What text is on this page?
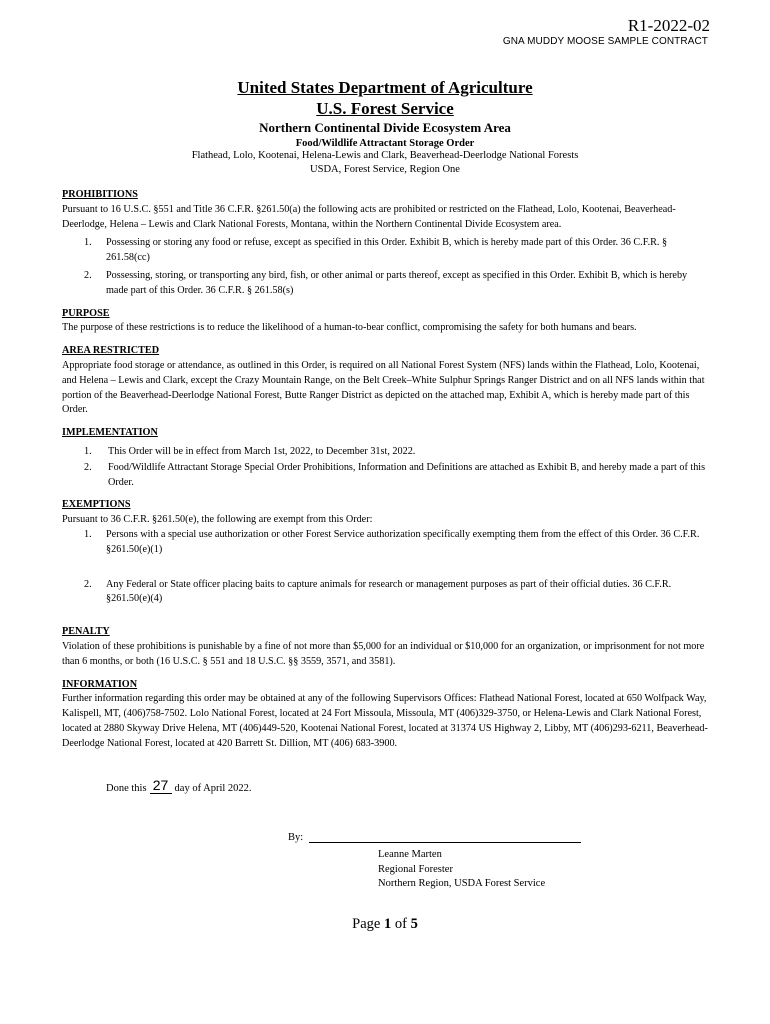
R1-2022-02
GNA MUDDY MOOSE SAMPLE CONTRACT
United States Department of Agriculture
U.S. Forest Service
Northern Continental Divide Ecosystem Area
Food/Wildlife Attractant Storage Order
Flathead, Lolo, Kootenai, Helena-Lewis and Clark, Beaverhead-Deerlodge National Forests
USDA, Forest Service, Region One

PROHIBITIONS

Pursuant to 16 U.S.C. §551 and Title 36 C.F.R. §261.50(a) the following acts are prohibited or restricted on the Flathead, Lolo, Kootenai, Beaverhead-Deerlodge, Helena – Lewis and Clark National Forests, Montana, within the Northern Continental Divide Ecosystem area.

1. Possessing or storing any food or refuse, except as specified in this Order. Exhibit B, which is hereby made part of this Order. 36 C.F.R. § 261.58(cc)
2. Possessing, storing, or transporting any bird, fish, or other animal or parts thereof, except as specified in this Order. Exhibit B, which is hereby made part of this Order. 36 C.F.R. § 261.58(s)

PURPOSE

The purpose of these restrictions is to reduce the likelihood of a human-to-bear conflict, compromising the safety for both humans and bears.

AREA RESTRICTED

Appropriate food storage or attendance, as outlined in this Order, is required on all National Forest System (NFS) lands within the Flathead, Lolo, Kootenai, and Helena – Lewis and Clark, except the Crazy Mountain Range, on the Belt Creek–White Sulphur Springs Ranger District and on all NFS lands within that portion of the Beaverhead-Deerlodge National Forest, Butte Ranger District as depicted on the attached map, Exhibit A, which is hereby made part of this Order.

IMPLEMENTATION

1. This Order will be in effect from March 1st, 2022, to December 31st, 2022.
2. Food/Wildlife Attractant Storage Special Order Prohibitions, Information and Definitions are attached as Exhibit B, and hereby made a part of this Order.

EXEMPTIONS

Pursuant to 36 C.F.R. §261.50(e), the following are exempt from this Order:

1. Persons with a special use authorization or other Forest Service authorization specifically exempting them from the effect of this Order. 36 C.F.R. §261.50(e)(1)
2. Any Federal or State officer placing baits to capture animals for research or management purposes as part of their official duties. 36 C.F.R. §261.50(e)(4)

PENALTY

Violation of these prohibitions is punishable by a fine of not more than $5,000 for an individual or $10,000 for an organization, or imprisonment for not more than 6 months, or both (16 U.S.C. § 551 and 18 U.S.C. §§ 3559, 3571, and 3581).

INFORMATION

Further information regarding this order may be obtained at any of the following Supervisors Offices: Flathead National Forest, located at 650 Wolfpack Way, Kalispell, MT, (406)758-7502. Lolo National Forest, located at 24 Fort Missoula, Missoula, MT (406)329-3750, or Helena-Lewis and Clark National Forest, located at 2880 Skyway Drive Helena, MT (406)449-520, Kootenai National Forest, located at 31374 US Highway 2, Libby, MT (406)293-6211, Beaverhead-Deerlodge National Forest, located at 420 Barrett St. Dillion, MT (406) 683-3900.

Done this 27 day of April 2022.
By:
Leanne Marten
Regional Forester
Northern Region, USDA Forest Service
Page 1 of 5
